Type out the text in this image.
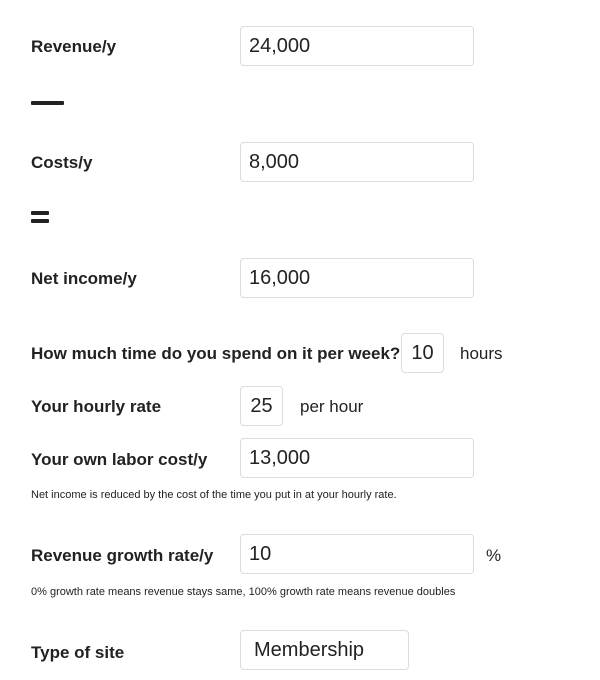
Revenue/y	24,000
Costs/y	8,000
Net income/y	16,000
How much time do you spend on it per week? 10	hours
Your hourly rate	25	per hour
Your own labor cost/y	13,000
Net income is reduced by the cost of the time you put in at your hourly rate.
Revenue growth rate/y	10	%
0% growth rate means revenue stays same, 100% growth rate means revenue doubles
Type of site	Membership
